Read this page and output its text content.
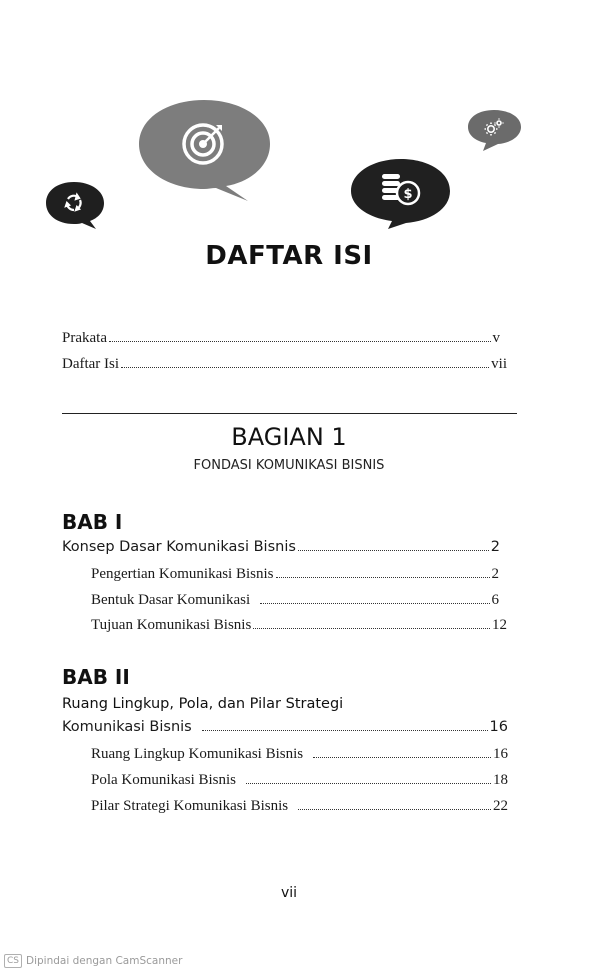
$
DAFTAR ISI
Prakata	v
Daftar Isi	vii
BAGIAN 1
FONDASI KOMUNIKASI BISNIS
BAB I
Konsep Dasar Komunikasi Bisnis	2
Pengertian Komunikasi Bisnis	2
Bentuk Dasar Komunikasi	6
Tujuan Komunikasi Bisnis	12
BAB II
Ruang Lingkup, Pola, dan Pilar Strategi
Komunikasi Bisnis	16
Ruang Lingkup Komunikasi Bisnis	16
Pola Komunikasi Bisnis	18
Pilar Strategi Komunikasi Bisnis	22
vii
CS Dipindai dengan CamScanner
